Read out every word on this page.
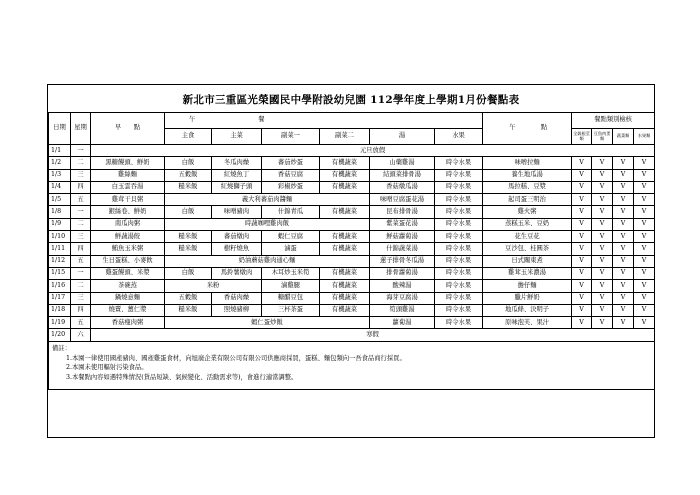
新北市三重區光榮國民中學附設幼兒園 112學年度上學期1月份餐點表
日期	星期	早　　點	午　　　　　　　　　　餐						午　　　　點	餐點類別檢核			
			主食	主菜	副菜一	副菜二	湯	水果		全穀根莖類	豆魚肉蛋類	蔬菜類	水果類
1/1	一	元旦放假											
1/2	二	黑糖饅頭、鮮奶	白飯	冬瓜肉燥	蕃茄炒蛋	有機蔬菜	山藥雞湯	時令水果	味噌拉麵	V	V	V	V
1/3	三	雞絲麵	五穀飯	紅燒魚丁	香菇豆腐	有機蔬菜	結頭菜排骨湯	時令水果	養生地瓜湯	V	V	V	V
1/4	四	白玉雲吞湯	糙米飯	紅燒獅子頭	彩椒炒蛋	有機蔬菜	香菇燉瓜湯	時令水果	馬拉糕、豆漿	V	V	V	V
1/5	五	雞茸干貝粥	義大利蕃茄肉醬麵				味噌豆腐蛋花湯	時令水果	起司蛋三明治	V	V	V	V
1/8	一	銀絲卷、鮮奶	白飯	味噌豬肉	什錦青瓜	有機蔬菜	昆布排骨湯	時令水果	雞火粥	V	V	V	V
1/9	二	南瓜肉粥	時蔬咖哩雞肉飯				紫菜蛋花湯	時令水果	蒸糕玉米、豆奶	V	V	V	V
1/10	三	鮮蔬湯餃	糙米飯	蕃茄燉肉	蝦仁豆腐	有機蔬菜	鮮菇蘿蔔湯	時令水果	花生豆花	V	V	V	V
1/11	四	鮪魚玉米粥	糙米飯	樹籽燒魚	滷蛋	有機蔬菜	什錦蔬菜湯	時令水果	豆沙包、桂圓茶	V	V	V	V
1/12	五	生日蛋糕、小麥飲	奶油蘑菇雞肉通心麵				蓮子排骨冬瓜湯	時令水果	日式關東煮	V	V	V	V
1/15	一	雞蛋饅頭、米漿	白飯	馬鈴薯燉肉	木耳炒玉米筍	有機蔬菜	排骨蘿蔔湯	時令水果	雞茸玉米濃湯	V	V	V	V
1/16	二	茶碗蒸	米粉		滷雞腿	有機蔬菜	酸辣湯	時令水果	擔仔麵	V	V	V	V
1/17	三	鍋燒意麵	五穀飯	香菇肉燥	糖醋豆包	有機蔬菜	海芽豆腐湯	時令水果	臘片鮮奶	V	V	V	V
1/18	四	燒賣、薑仁漿	糙米飯	照燒豬柳	三杯茶蛋	有機蔬菜	筍頭雞湯	時令水果	地瓜條、決明子	V	V	V	V
1/19	五	香菇瘦肉粥	蝦仁蛋炒飯				蘿蔔湯	時令水果	原味泡芙、果汁	V	V	V	V
1/20	六	寒假											

備註：
1.本園一律使用國產豬肉、國產雞蛋食材，向旭廣企業有限公司有限公司供應商採買，蛋糕、麵包類向一吾食品商行採買。
2.本園未使用輻射污染食品。
3.本餐點內容如遇特殊情況(貨品短缺、氣候變化、活動需求等)，會進行適當調整。													
